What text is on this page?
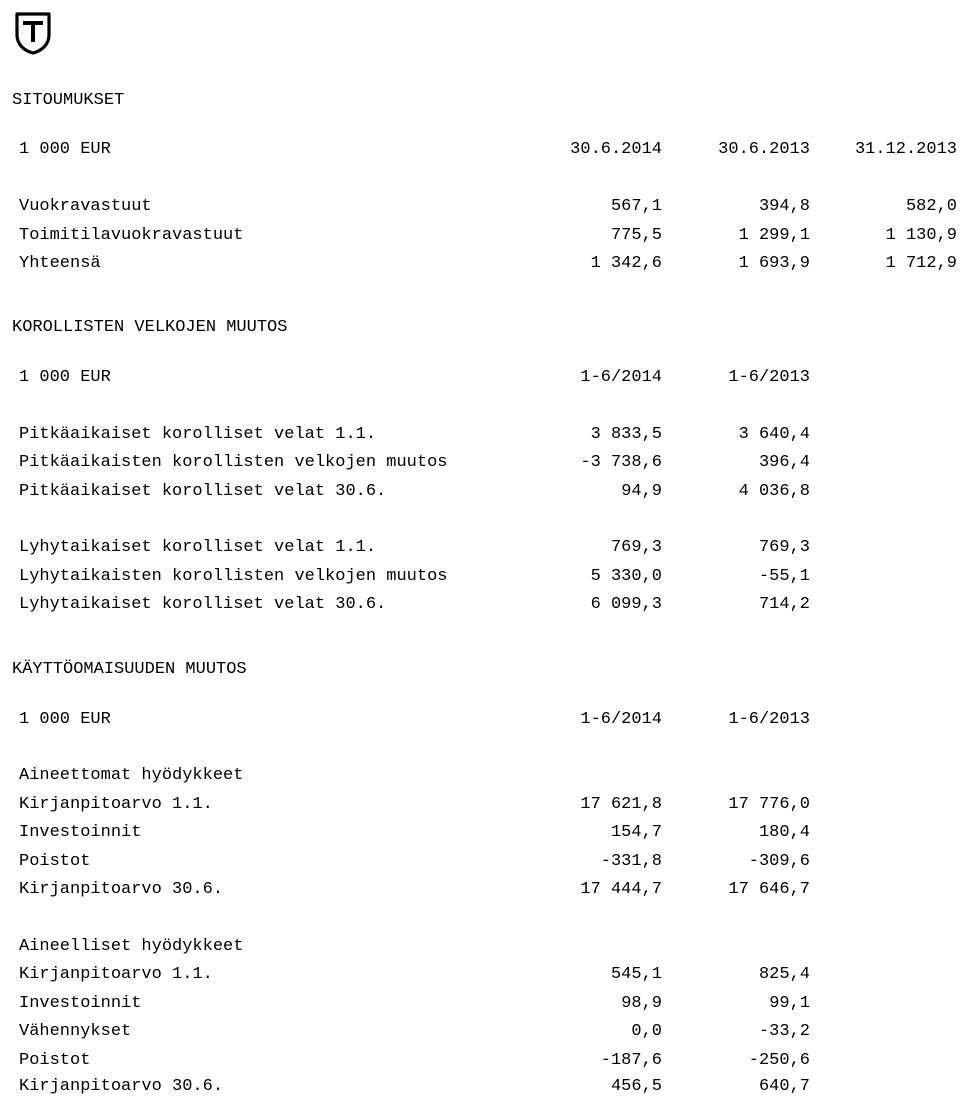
SITOUMUKSET
1 000 EUR	30.6.2014	30.6.2013	31.12.2013
Vuokravastuut	567,1	394,8	582,0
Toimitilavuokravastuut	775,5	1 299,1	1 130,9
Yhteensä	1 342,6	1 693,9	1 712,9
KOROLLISTEN VELKOJEN MUUTOS
1 000 EUR	1-6/2014	1-6/2013
Pitkäaikaiset korolliset velat 1.1.	3 833,5	3 640,4
Pitkäaikaisten korollisten velkojen muutos	-3 738,6	396,4
Pitkäaikaiset korolliset velat 30.6.	94,9	4 036,8
Lyhytaikaiset korolliset velat 1.1.	769,3	769,3
Lyhytaikaisten korollisten velkojen muutos	5 330,0	-55,1
Lyhytaikaiset korolliset velat 30.6.	6 099,3	714,2
KÄYTTÖOMAISUUDEN MUUTOS
1 000 EUR	1-6/2014	1-6/2013
Aineettomat hyödykkeet
Kirjanpitoarvo 1.1.	17 621,8	17 776,0
Investoinnit	154,7	180,4
Poistot	-331,8	-309,6
Kirjanpitoarvo 30.6.	17 444,7	17 646,7
Aineelliset hyödykkeet
Kirjanpitoarvo 1.1.	545,1	825,4
Investoinnit	98,9	99,1
Vähennykset	0,0	-33,2
Poistot	-187,6	-250,6
Kirjanpitoarvo 30.6.	456,5	640,7
